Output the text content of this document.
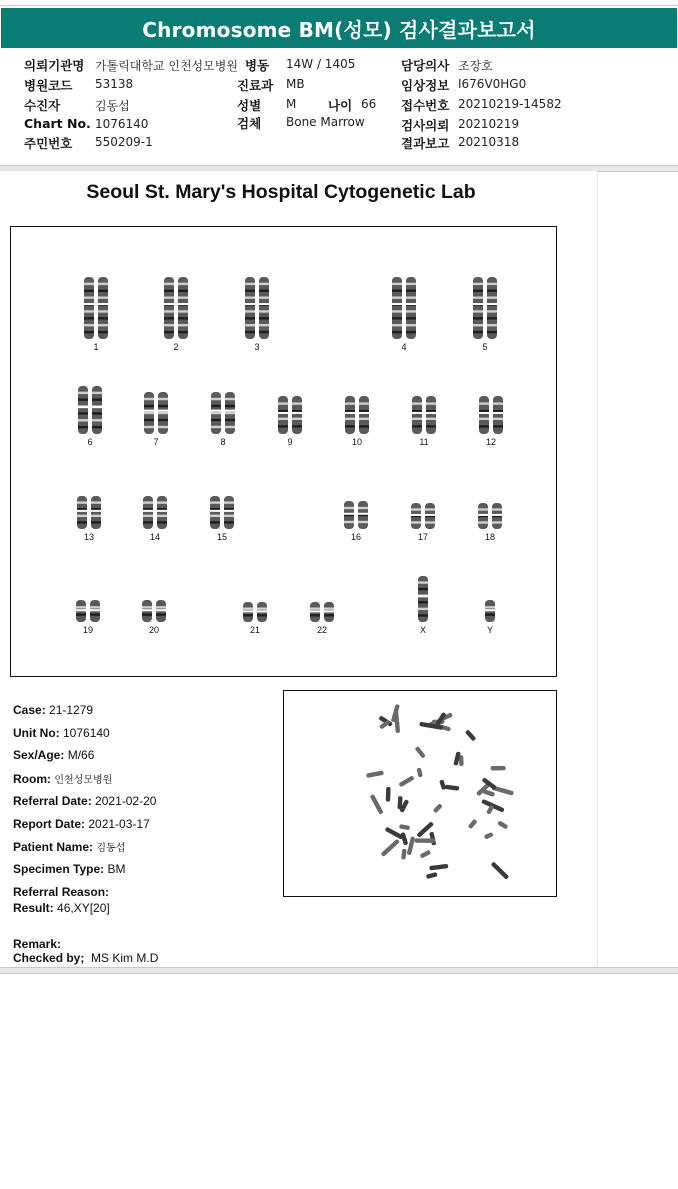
Chromosome BM(성모) 검사결과보고서
의뢰기관명 가톨릭대학교 인천성모병원
병원코드 53138
수진자	김동섭
Chart No. 1076140
주민번호 550209-1
병동 14W / 1405
진료과 MB
성별 M	나이 66
검체 Bone Marrow
담당의사 조장호
임상정보 I676V0HG0
접수번호 20210219-14582
검사의뢰 20210219
결과보고 20210318
Seoul St. Mary's Hospital Cytogenetic Lab
1	2	3	4	5
6	7	8	9	10	11	12
13	14	15	16	17	18
19	20	21	22	X	Y
Case: 21-1279
Unit No: 1076140
Sex/Age: M/66
Room: 인천성모병원
Referral Date: 2021-02-20
Report Date: 2021-03-17
Patient Name: 김동섭
Specimen Type: BM
Referral Reason:
Result: 46,XY[20]
Remark:
Checked by; MS Kim M.D
